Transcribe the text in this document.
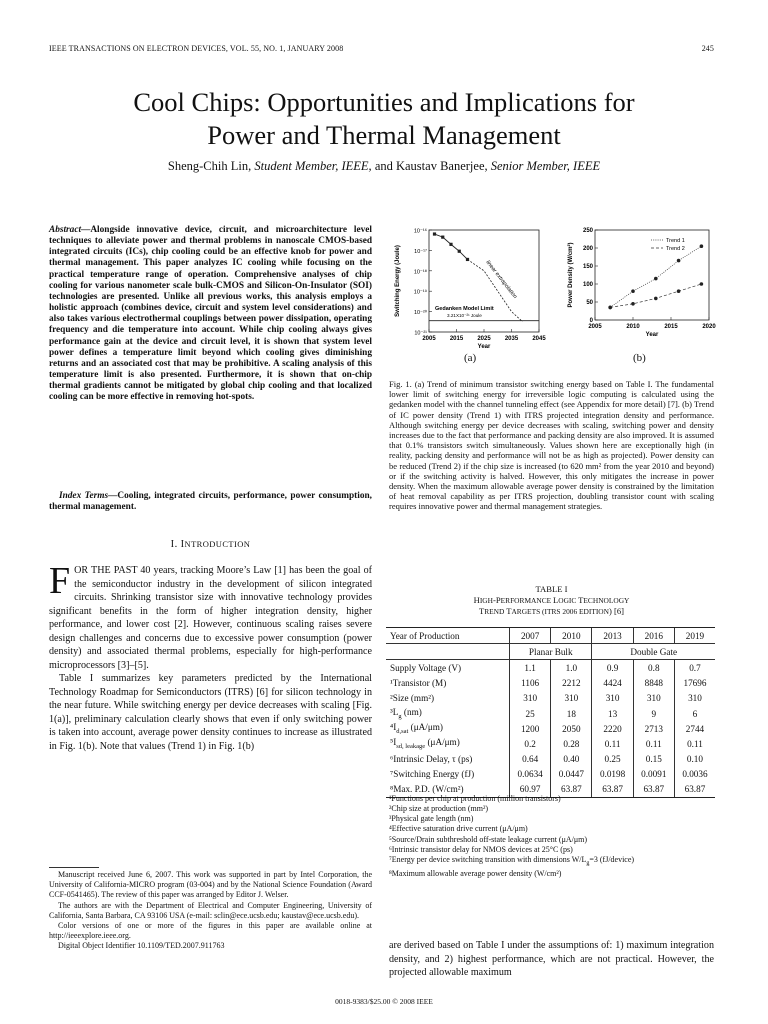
IEEE TRANSACTIONS ON ELECTRON DEVICES, VOL. 55, NO. 1, JANUARY 2008	245
Cool Chips: Opportunities and Implications for
Power and Thermal Management
Sheng-Chih Lin, Student Member, IEEE, and Kaustav Banerjee, Senior Member, IEEE
Abstract—Alongside innovative device, circuit, and microarchitecture level techniques to alleviate power and thermal problems in nanoscale CMOS-based integrated circuits (ICs), chip cooling could be an effective knob for power and thermal management. This paper analyzes IC cooling while focusing on the practical temperature range of operation. Comprehensive analyses of chip cooling for various nanometer scale bulk-CMOS and Silicon-On-Insulator (SOI) technologies are presented. Unlike all previous works, this analysis employs a holistic approach (combines device, circuit and system level considerations) and also takes various electrothermal couplings between power dissipation, operating frequency and die temperature into account. While chip cooling always gives performance gain at the device and circuit level, it is shown that system level power defines a temperature limit beyond which cooling gives diminishing returns and an associated cost that may be prohibitive. A scaling analysis of this temperature limit is also presented. Furthermore, it is shown that on-chip thermal gradients cannot be mitigated by global chip cooling and that localized cooling can be more effective in removing hot-spots.
Index Terms—Cooling, integrated circuits, performance, power consumption, thermal management.
I. INTRODUCTION
FOR THE PAST 40 years, tracking Moore’s Law [1] has been the goal of the semiconductor industry in the development of silicon integrated circuits. Shrinking transistor size with innovative technology provides significant benefits in the form of higher integration density, higher performance, and lower cost [2]. However, continuous scaling raises severe design challenges and concerns due to excessive power consumption (power density) and associated thermal problems, especially for high-performance microprocessors [3]–[5].
Table I summarizes key parameters predicted by the International Technology Roadmap for Semiconductors (ITRS) [6] for silicon technology in the near future. While switching energy per device decreases with scaling [Fig. 1(a)], preliminary calculation clearly shows that even if only switching power is taken into account, average power density continues to increase as illustrated in Fig. 1(b). Note that values (Trend 1) in Fig. 1(b)

Manuscript received June 6, 2007. This work was supported in part by Intel Corporation, the University of California-MICRO program (03-004) and by the National Science Foundation (Award CCF-0541465). The review of this paper was arranged by Editor J. Welser.

The authors are with the Department of Electrical and Computer Engineering, University of California, Santa Barbara, CA 93106 USA (e-mail: sclin@ece.ucsb.edu; kaustav@ece.ucsb.edu).

Color versions of one or more of the figures in this paper are available online at http://ieeexplore.ieee.org.

Digital Object Identifier 10.1109/TED.2007.911763

10⁻¹⁶
10⁻¹⁷
10⁻¹⁸
10⁻¹⁹
10⁻²⁰
10⁻²¹
2005 2015 2025 2035 2045
Year
Switching Energy (Joule)	linear extrapolation
Gedanken Model Limit
3.21X10⁻²¹ Joule
0
50
100
150
200
250
2005	2010	2015	2020
Year
Power Density (W/cm²)
Trend 1
Trend 2
(a)	(b)
Fig. 1. (a) Trend of minimum transistor switching energy based on Table I. The fundamental lower limit of switching energy for irreversible logic computing is calculated using the gedanken model with the channel tunneling effect (see Appendix for more detail) [7]. (b) Trend of IC power density (Trend 1) with ITRS projected integration density and performance. Although switching energy per device decreases with scaling, switching power and density increases due to the fact that performance and packing density are also improved. It is assumed that 0.1% transistors switch simultaneously. Values shown here are exceptionally high (in reality, packing density and performance will not be as high as projected). Power density can be reduced (Trend 2) if the chip size is increased (to 620 mm² from the year 2010 and beyond) or if the switching activity is halved. However, this only mitigates the increase in power density. When the maximum allowable average power density is constrained by the limitation of heat removal capability as per ITRS projection, doubling transistor count with scaling requires innovative power and thermal management strategies.
TABLE I
HIGH-PERFORMANCE LOGIC TECHNOLOGY
TREND TARGETS (ITRS 2006 EDITION) [6]
Year of Production	2007	2010	2013	2016	2019
	Planar Bulk		Double Gate		
Supply Voltage (V)	1.1	1.0	0.9	0.8	0.7
¹Transistor (M)	1106	2212	4424	8848	17696
²Size (mm²)	310	310	310	310	310
$^3L_g$ (nm)	25	18	13	9	6
$^4I_{d,sat}$ (μA/μm)	1200	2050	2220	2713	2744
$^5I_{sd, leakage}$ (μA/μm)	0.2	0.28	0.11	0.11	0.11
⁶Intrinsic Delay, τ (ps)	0.64	0.40	0.25	0.15	0.10
⁷Switching Energy (fJ)	0.0634	0.0447	0.0198	0.0091	0.0036
⁸Max. P.D. (W/cm²)	60.97	63.87	63.87	63.87	63.87
¹Functions per chip at production (million transistors)
²Chip size at production (mm²)
³Physical gate length (nm)
⁴Effective saturation drive current (μA/μm)
⁵Source/Drain subthreshold off-state leakage current (μA/μm)
⁶Intrinsic transistor delay for NMOS devices at 25°C (ps)
⁷Energy per device switching transition with dimensions $W/L_g=3$ (fJ/device)
⁸Maximum allowable average power density (W/cm²)
are derived based on Table I under the assumptions of: 1) maximum integration density, and 2) highest performance, which are not practical. However, the projected allowable maximum
0018-9383/$25.00 © 2008 IEEE
